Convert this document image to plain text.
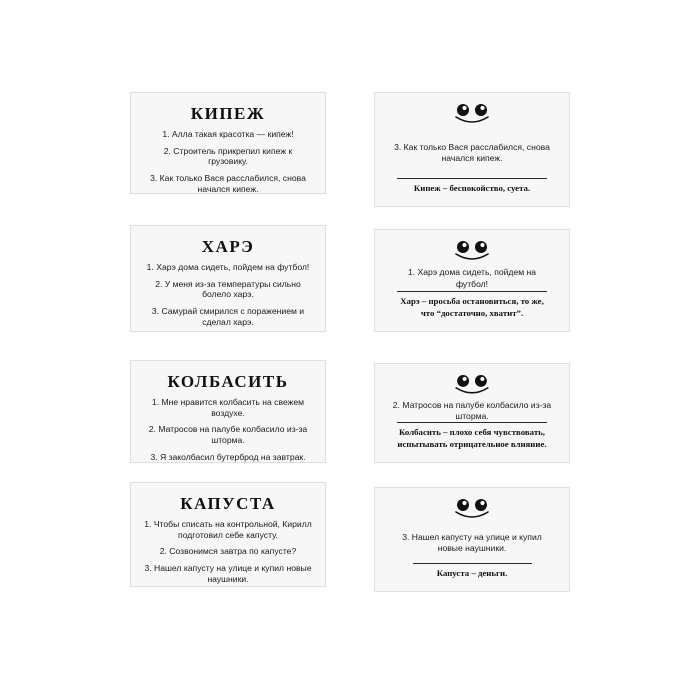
КИПЕЖ
1. Алла такая красотка — кипеж!
2. Строитель прикрепил кипеж к грузовику.
3. Как только Вася расслабился, снова начался кипеж.
ХАРЭ
1. Харэ дома сидеть, пойдем на футбол!
2. У меня из-за температуры сильно болело харэ.
3. Самурай смирился с поражением и сделал харэ.
КОЛБАСИТЬ
1. Мне нравится колбасить на свежем воздухе.
2. Матросов на палубе колбасило из-за шторма.
3. Я заколбасил бутерброд на завтрак.
КАПУСТА
1. Чтобы списать на контрольной, Кирилл подготовил себе капусту.
2. Созвонимся завтра по капусте?
3. Нашел капусту на улице и купил новые наушники.
3. Как только Вася расслабился, снова начался кипеж.
Кипеж – беспокойство, суета.
1. Харэ дома сидеть, пойдем на футбол!
Харэ – просьба остановиться, то же, что “достаточно, хватит”.
2. Матросов на палубе колбасило из-за шторма.
Колбасить – плохо себя чувствовать, испытывать отрицательное влияние.
3. Нашел капусту на улице и купил новые наушники.
Капуста – деньги.
